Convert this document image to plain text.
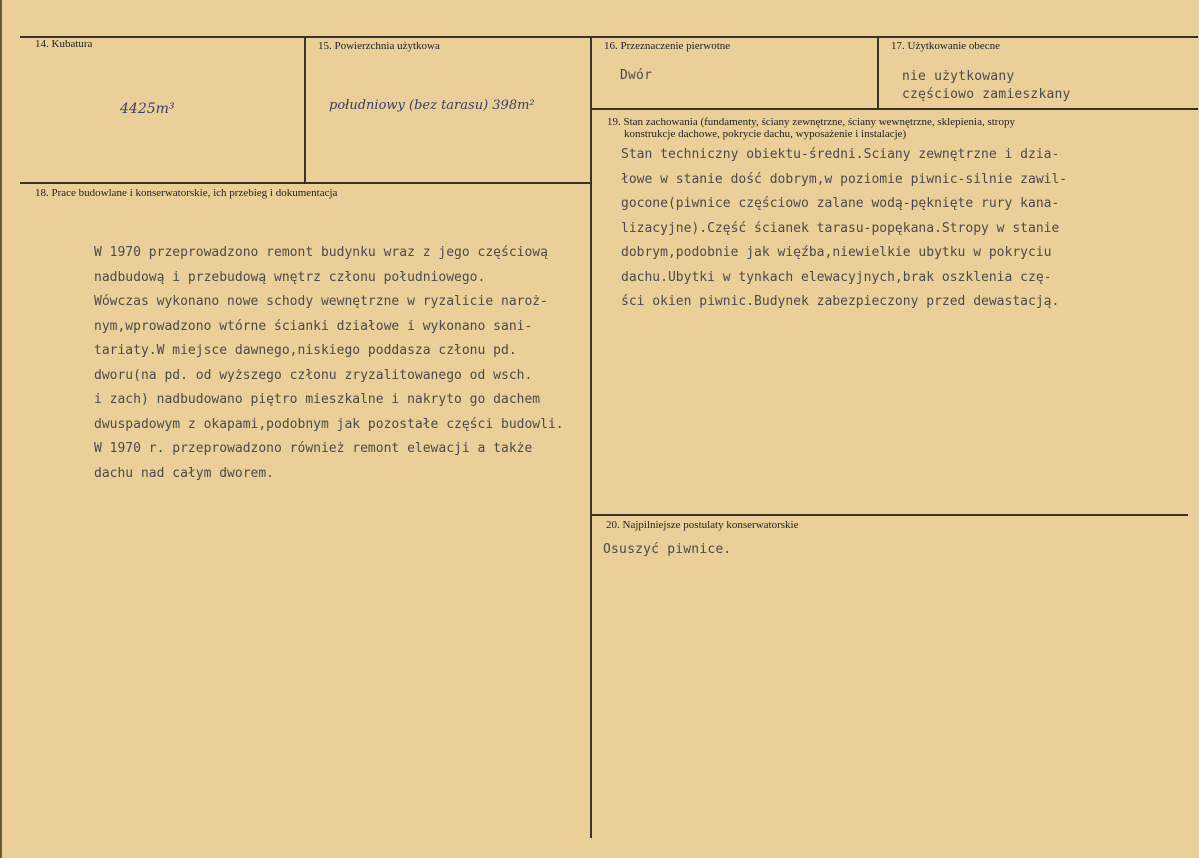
14. Kubatura
4425m³
15. Powierzchnia użytkowa
południowy (bez tarasu) 398m²
16. Przeznaczenie pierwotne
Dwór
17. Użytkowanie obecne
nie użytkowany
częściowo zamieszkany
19. Stan zachowania (fundamenty, ściany zewnętrzne, ściany wewnętrzne, sklepienia, stropy
konstrukcje dachowe, pokrycie dachu, wyposażenie i instalacje)
Stan techniczny obiektu-średni.Sciany zewnętrzne i dzia-
łowe w stanie dość dobrym,w poziomie piwnic-silnie zawil-
gocone(piwnice częściowo zalane wodą-pęknięte rury kana-
lizacyjne).Część ścianek tarasu-popękana.Stropy w stanie
dobrym,podobnie jak więźba,niewielkie ubytku w pokryciu
dachu.Ubytki w tynkach elewacyjnych,brak oszklenia czę-
ści okien piwnic.Budynek zabezpieczony przed dewastacją.
18. Prace budowlane i konserwatorskie, ich przebieg i dokumentacja
W 1970 przeprowadzono remont budynku wraz z jego częściową
nadbudową i przebudową wnętrz członu południowego.
Wówczas wykonano nowe schody wewnętrzne w ryzalicie naroż-
nym,wprowadzono wtórne ścianki działowe i wykonano sani-
tariaty.W miejsce dawnego,niskiego poddasza członu pd.
dworu(na pd. od wyższego członu zryzalitowanego od wsch.
i zach) nadbudowano piętro mieszkalne i nakryto go dachem
dwuspadowym z okapami,podobnym jak pozostałe części budowli.
W 1970 r. przeprowadzono również remont elewacji a także
dachu nad całym dworem.
20. Najpilniejsze postulaty konserwatorskie
Osuszyć piwnice.
